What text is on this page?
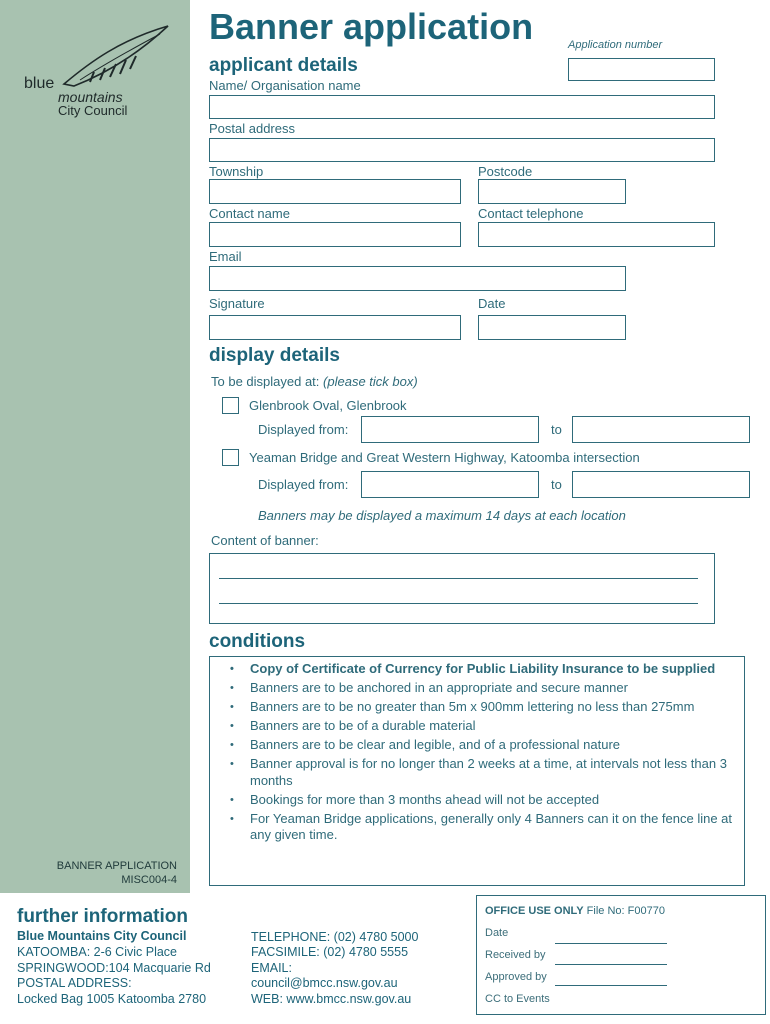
blue
mountains
City Council
BANNER APPLICATION
MISC004-4
Banner application	Application number
applicant details
Name/ Organisation name
Postal address
Township	Postcode
Contact name	Contact telephone
Email
Signature	Date
display details
To be displayed at: (please tick box)
Glenbrook Oval, Glenbrook
Displayed from:	to
Yeaman Bridge and Great Western Highway, Katoomba intersection
Displayed from:	to
Banners may be displayed a maximum 14 days at each location
Content of banner:
conditions
• Copy of Certificate of Currency for Public Liability Insurance to be supplied
• Banners are to be anchored in an appropriate and secure manner
• Banners are to be no greater than 5m x 900mm lettering no less than 275mm
• Banners are to be of a durable material
• Banners are to be clear and legible, and of a professional nature
• Banner approval is for no longer than 2 weeks at a time, at intervals not less than 3 months
• Bookings for more than 3 months ahead will not be accepted
• For Yeaman Bridge applications, generally only 4 Banners can it on the fence line at any given time.
further information
Blue Mountains City Council
KATOOMBA: 2-6 Civic Place
SPRINGWOOD:104 Macquarie Rd
POSTAL ADDRESS:
Locked Bag 1005 Katoomba 2780
TELEPHONE: (02) 4780 5000
FACSIMILE: (02) 4780 5555
EMAIL:
council@bmcc.nsw.gov.au
WEB: www.bmcc.nsw.gov.au
OFFICE USE ONLY File No: F00770
Date
Received by
Approved by
CC to Events
